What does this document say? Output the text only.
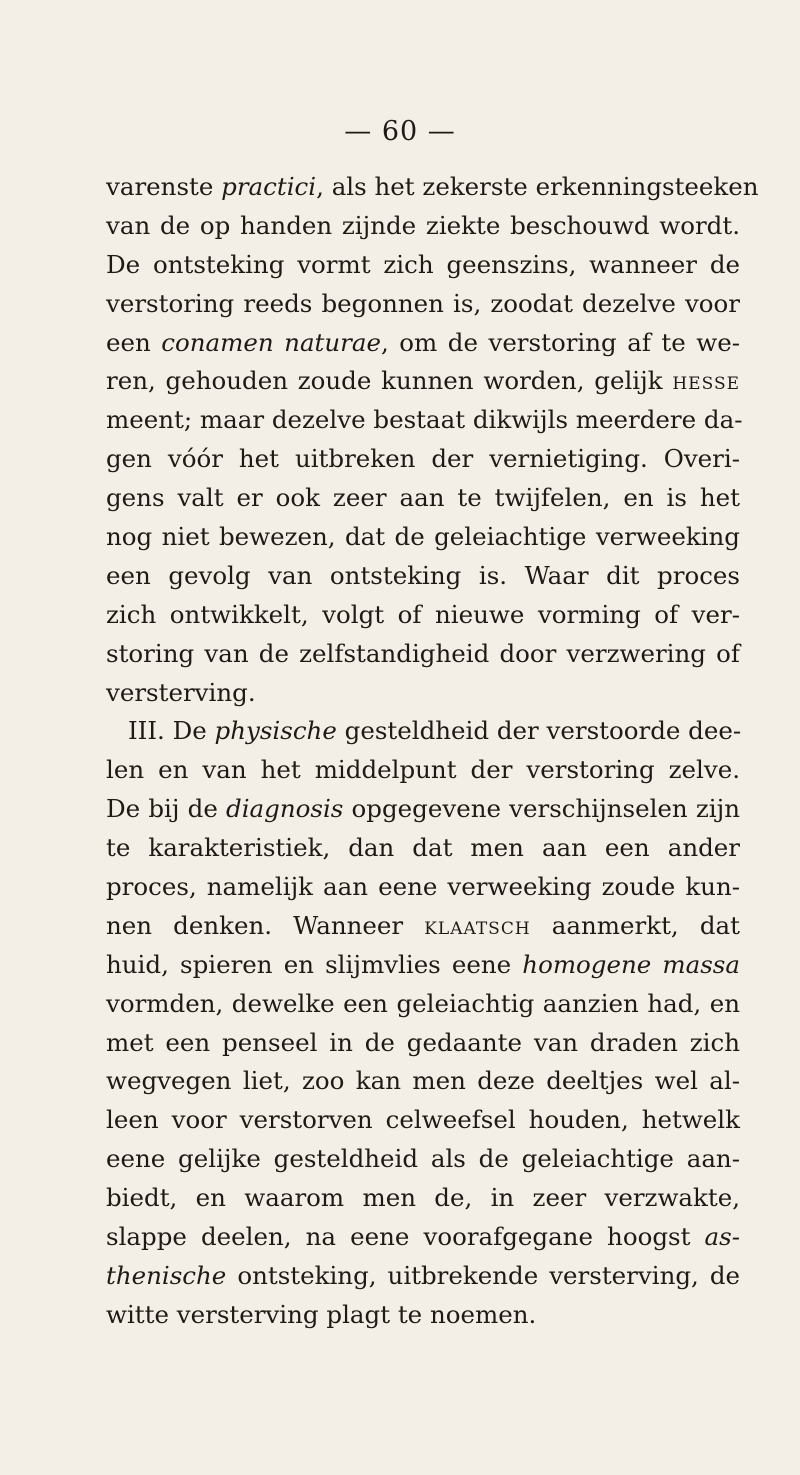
— 60 —
varenste practici, als het zekerste erkenningsteeken
van de op handen zijnde ziekte beschouwd wordt.
De ontsteking vormt zich geenszins, wanneer de
verstoring reeds begonnen is, zoodat dezelve voor
een conamen naturae, om de verstoring af te we-
ren, gehouden zoude kunnen worden, gelijk hesse
meent; maar dezelve bestaat dikwijls meerdere da-
gen vóór het uitbreken der vernietiging. Overi-
gens valt er ook zeer aan te twijfelen, en is het
nog niet bewezen, dat de geleiachtige verweeking
een gevolg van ontsteking is. Waar dit proces
zich ontwikkelt, volgt of nieuwe vorming of ver-
storing van de zelfstandigheid door verzwering of
versterving.
III. De physische gesteldheid der verstoorde dee-
len en van het middelpunt der verstoring zelve.
De bij de diagnosis opgegevene verschijnselen zijn
te karakteristiek, dan dat men aan een ander
proces, namelijk aan eene verweeking zoude kun-
nen denken. Wanneer klaatsch aanmerkt, dat
huid, spieren en slijmvlies eene homogene massa
vormden, dewelke een geleiachtig aanzien had, en
met een penseel in de gedaante van draden zich
wegvegen liet, zoo kan men deze deeltjes wel al-
leen voor verstorven celweefsel houden, hetwelk
eene gelijke gesteldheid als de geleiachtige aan-
biedt, en waarom men de, in zeer verzwakte,
slappe deelen, na eene voorafgegane hoogst as-
thenische ontsteking, uitbrekende versterving, de
witte versterving plagt te noemen.
